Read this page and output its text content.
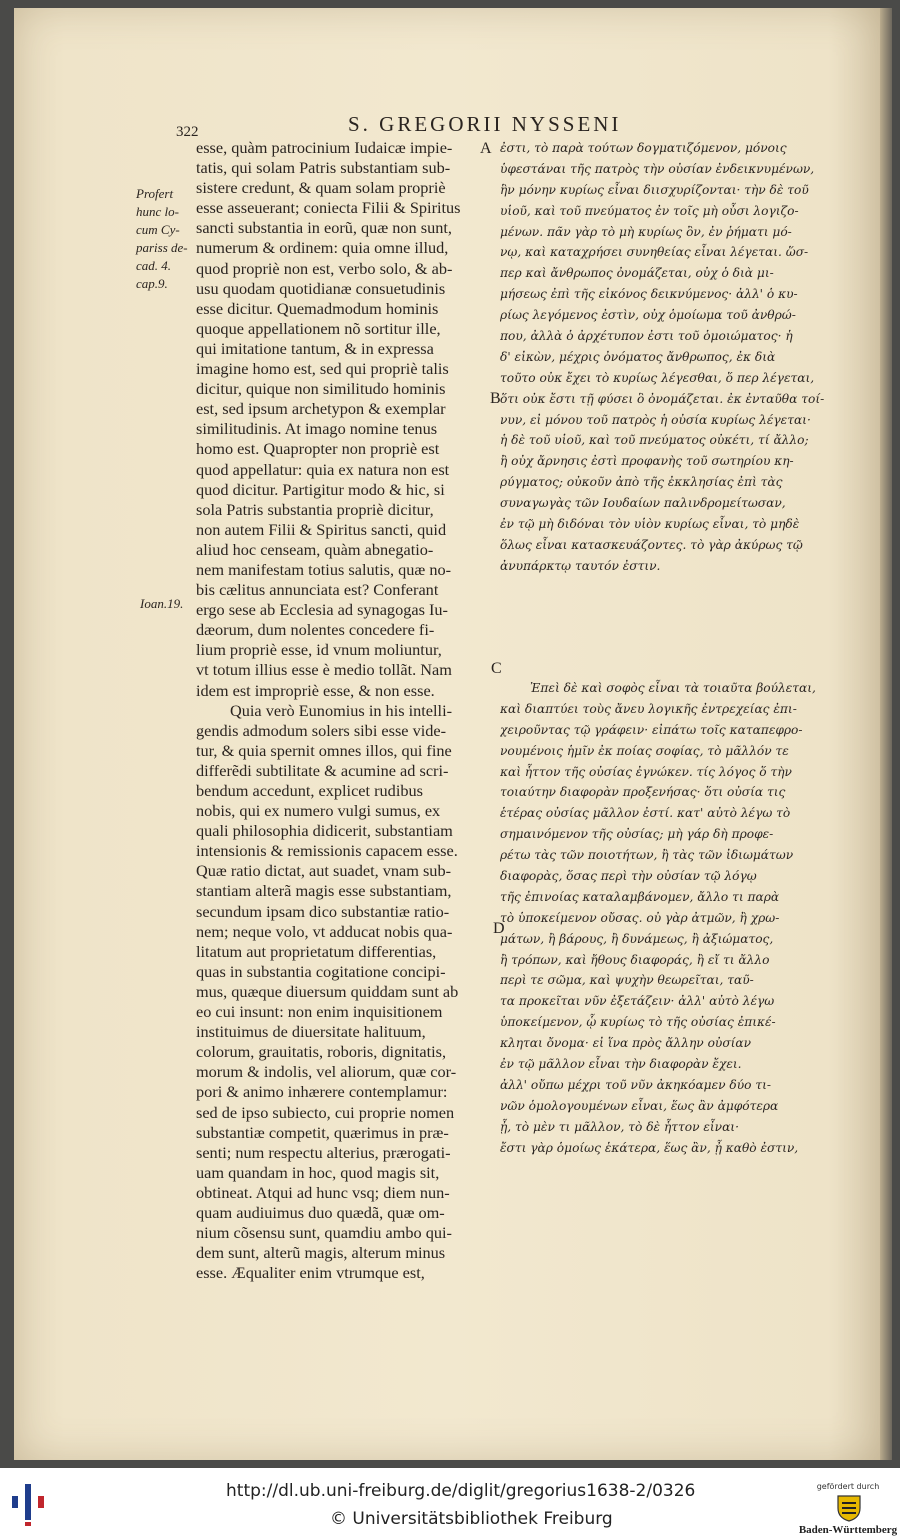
322	S. GREGORII NYSSENI
Profert
hunc lo-
cum Cy-
pariss de-
cad. 4.
cap.9.
Ioan.19.
A
B
C
D
esse, quàm patrocinium Iudaicæ impie-
tatis, qui solam Patris substantiam sub-
sistere credunt, & quam solam propriè
esse asseuerant; coniecta Filii & Spiritus
sancti substantia in eorũ, quæ non sunt,
numerum & ordinem: quia omne illud,
quod propriè non est, verbo solo, & ab-
usu quodam quotidianæ consuetudinis
esse dicitur. Quemadmodum hominis
quoque appellationem nõ sortitur ille,
qui imitatione tantum, & in expressa
imagine homo est, sed qui propriè talis
dicitur, quique non similitudo hominis
est, sed ipsum archetypon & exemplar
similitudinis. At imago nomine tenus
homo est. Quapropter non propriè est
quod appellatur: quia ex natura non est
quod dicitur. Partigitur modo & hic, si
sola Patris substantia propriè dicitur,
non autem Filii & Spiritus sancti, quid
aliud hoc censeam, quàm abnegatio-
nem manifestam totius salutis, quæ no-
bis cælitus annunciata est? Conferant
ergo sese ab Ecclesia ad synagogas Iu-
dæorum, dum nolentes concedere fi-
lium propriè esse, id vnum moliuntur,
vt totum illius esse è medio tollãt. Nam
idem est impropriè esse, & non esse.
Quia verò Eunomius in his intelli-
gendis admodum solers sibi esse vide-
tur, & quia spernit omnes illos, qui fine
differẽdi subtilitate & acumine ad scri-
bendum accedunt, explicet rudibus
nobis, qui ex numero vulgi sumus, ex
quali philosophia didicerit, substantiam
intensionis & remissionis capacem esse.
Quæ ratio dictat, aut suadet, vnam sub-
stantiam alterã magis esse substantiam,
secundum ipsam dico substantiæ ratio-
nem; neque volo, vt adducat nobis qua-
litatum aut proprietatum differentias,
quas in substantia cogitatione concipi-
mus, quæque diuersum quiddam sunt ab
eo cui insunt: non enim inquisitionem
instituimus de diuersitate halituum,
colorum, grauitatis, roboris, dignitatis,
morum & indolis, vel aliorum, quæ cor-
pori & animo inhærere contemplamur:
sed de ipso subiecto, cui proprie nomen
substantiæ competit, quærimus in præ-
senti; num respectu alterius, prærogati-
uam quandam in hoc, quod magis sit,
obtineat. Atqui ad hunc vsq; diem nun-
quam audiuimus duo quædã, quæ om-
nium cõsensu sunt, quamdiu ambo qui-
dem sunt, alterũ magis, alterum minus
esse. Æqualiter enim vtrumque est,
ἐστι, τὸ παρὰ τούτων δογματιζόμενον, μόνοις
ὑφεστάναι τῆς πατρὸς τὴν οὐσίαν ἐνδεικνυμένων,
ἣν μόνην κυρίως εἶναι διισχυρίζονται· τὴν δὲ τοῦ
υἱοῦ, καὶ τοῦ πνεύματος ἐν τοῖς μὴ οὖσι λογιζο-
μένων. πᾶν γὰρ τὸ μὴ κυρίως ὂν, ἐν ῥήματι μό-
νῳ, καὶ καταχρήσει συνηθείας εἶναι λέγεται. ὥσ-
περ καὶ ἄνθρωπος ὀνομάζεται, οὐχ ὁ διὰ μι-
μήσεως ἐπὶ τῆς εἰκόνος δεικνύμενος· ἀλλ' ὁ κυ-
ρίως λεγόμενος ἐστὶν, οὐχ ὁμοίωμα τοῦ ἀνθρώ-
που, ἀλλὰ ὁ ἀρχέτυπον ἐστι τοῦ ὁμοιώματος· ἡ
δ' εἰκὼν, μέχρις ὀνόματος ἄνθρωπος, ἐκ διὰ
τοῦτο οὐκ ἔχει τὸ κυρίως λέγεσθαι, ὅ περ λέγεται,
ὅτι οὐκ ἔστι τῇ φύσει ὃ ὀνομάζεται. ἐκ ἐνταῦθα τοί-
νυν, εἰ μόνου τοῦ πατρὸς ἡ οὐσία κυρίως λέγεται·
ἡ δὲ τοῦ υἱοῦ, καὶ τοῦ πνεύματος οὐκέτι, τί ἄλλο;
ἢ οὐχ ἄρνησις ἐστὶ προφανὴς τοῦ σωτηρίου κη-
ρύγματος; οὐκοῦν ἀπὸ τῆς ἐκκλησίας ἐπὶ τὰς
συναγωγὰς τῶν Ιουδαίων παλινδρομείτωσαν,
ἐν τῷ μὴ διδόναι τὸν υἱὸν κυρίως εἶναι, τὸ μηδὲ
ὅλως εἶναι κατασκευάζοντες. τὸ γὰρ ἀκύρως τῷ
ἀνυπάρκτῳ ταυτόν ἐστιν.
Ἐπεὶ δὲ καὶ σοφὸς εἶναι τὰ τοιαῦτα βούλεται,
καὶ διαπτύει τοὺς ἄνευ λογικῆς ἐντρεχείας ἐπι-
χειροῦντας τῷ γράφειν· εἰπάτω τοῖς καταπεφρο-
νουμένοις ἡμῖν ἐκ ποίας σοφίας, τὸ μᾶλλόν τε
καὶ ἧττον τῆς οὐσίας ἐγνώκεν. τίς λόγος ὅ τὴν
τοιαύτην διαφορὰν προξενήσας· ὅτι οὐσία τις
ἑτέρας οὐσίας μᾶλλον ἐστί. κατ' αὐτὸ λέγω τὸ
σημαινόμενον τῆς οὐσίας; μὴ γάρ δὴ προφε-
ρέτω τὰς τῶν ποιοτήτων, ἢ τὰς τῶν ἰδιωμάτων
διαφορὰς, ὅσας περὶ τὴν οὐσίαν τῷ λόγῳ
τῆς ἐπινοίας καταλαμβάνομεν, ἄλλο τι παρὰ
τὸ ὑποκείμενον οὔσας. οὐ γὰρ ἀτμῶν, ἢ χρω-
μάτων, ἢ βάρους, ἢ δυνάμεως, ἢ ἀξιώματος,
ἢ τρόπων, καὶ ἤθους διαφοράς, ἢ εἴ τι ἄλλο
περὶ τε σῶμα, καὶ ψυχὴν θεωρεῖται, ταῦ-
τα προκεῖται νῦν ἐξετάζειν· ἀλλ' αὐτὸ λέγω
ὑποκείμενον, ᾧ κυρίως τὸ τῆς οὐσίας ἐπικέ-
κληται ὄνομα· εἰ ἵνα πρὸς ἄλλην οὐσίαν
ἐν τῷ μᾶλλον εἶναι τὴν διαφορὰν ἔχει.
ἀλλ' οὔπω μέχρι τοῦ νῦν ἀκηκόαμεν δύο τι-
νῶν ὁμολογουμένων εἶναι, ἕως ἂν ἀμφότερα
ᾖ, τὸ μὲν τι μᾶλλον, τὸ δὲ ἧττον εἶναι·
ἔστι γὰρ ὁμοίως ἑκάτερα, ἕως ἂν, ᾖ καθὸ ἐστιν,
http://dl.ub.uni-freiburg.de/diglit/gregorius1638-2/0326
© Universitätsbibliothek Freiburg
gefördert durch
Baden-Württemberg
